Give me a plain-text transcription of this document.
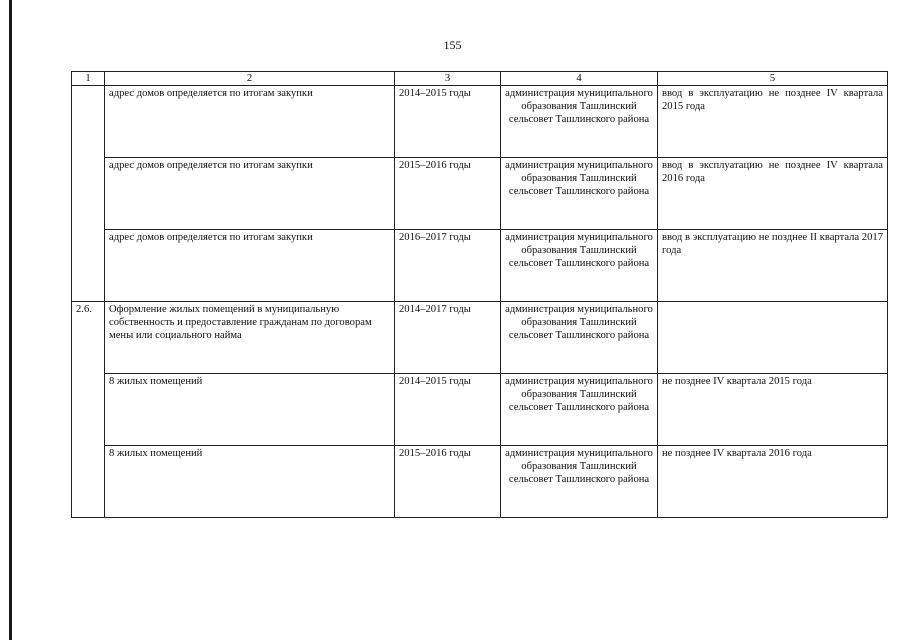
155
1	2	3	4	5
	адрес домов определяется по итогам закупки	2014–2015 годы	администрация муниципального образования Ташлинский сельсовет Ташлинского района	ввод в эксплуатацию не позднее IV квартала 2015 года
	адрес домов определяется по итогам закупки	2015–2016 годы	администрация муниципального образования Ташлинский сельсовет Ташлинского района	ввод в эксплуатацию не позднее IV квартала 2016 года
	адрес домов определяется по итогам закупки	2016–2017 годы	администрация муниципального образования Ташлинский сельсовет Ташлинского района	ввод в эксплуатацию не позднее II квартала 2017 года
2.6.	Оформление жилых помещений в муниципальную собственность и предоставление гражданам по договорам мены или социального найма	2014–2017 годы	администрация муниципального образования Ташлинский сельсовет Ташлинского района	
	8 жилых помещений	2014–2015 годы	администрация муниципального образования Ташлинский сельсовет Ташлинского района	не позднее IV квартала 2015 года
	8 жилых помещений	2015–2016 годы	администрация муниципального образования Ташлинский сельсовет Ташлинского района	не позднее IV квартала 2016 года
